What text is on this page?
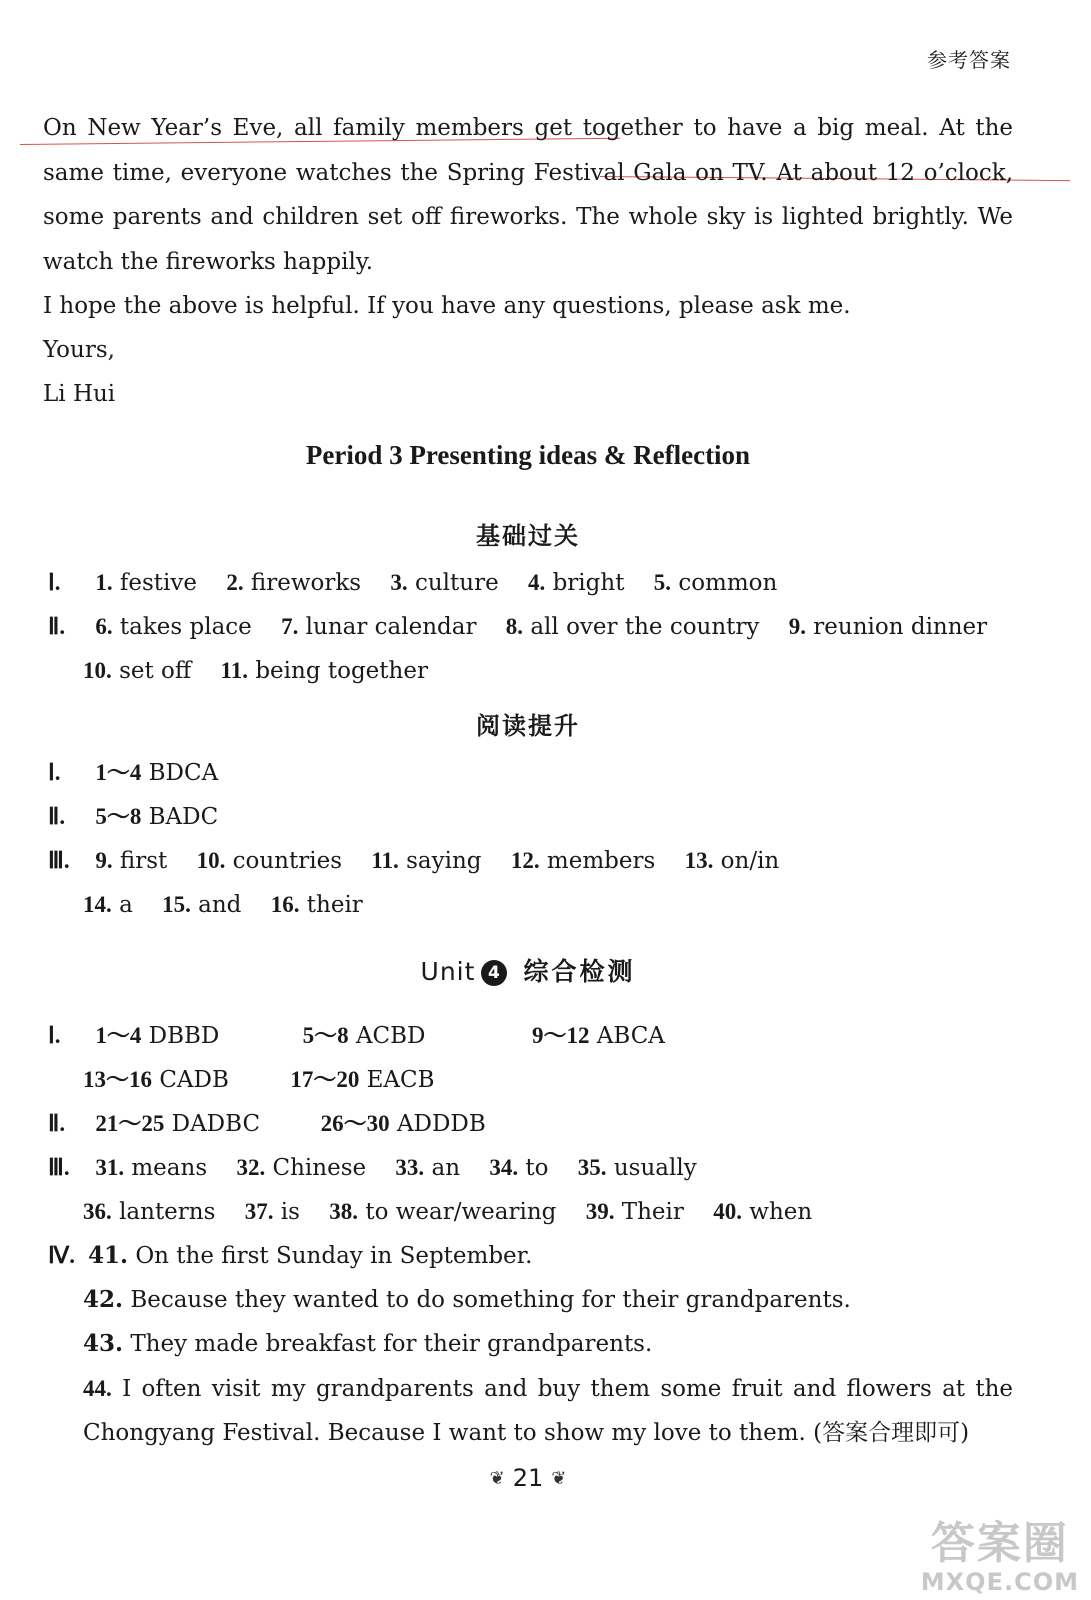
参考答案
On New Year’s Eve, all family members get together to have a big meal. At the same time, everyone watches the Spring Festival Gala on TV. At about 12 o’clock, some parents and children set off fireworks. The whole sky is lighted brightly. We watch the fireworks happily.
I hope the above is helpful. If you have any questions, please ask me.
Yours,
Li Hui
Period 3 Presenting ideas & Reflection
基础过关
Ⅰ. 1. festive 2. fireworks 3. culture 4. bright 5. common
Ⅱ. 6. takes place 7. lunar calendar 8. all over the country 9. reunion dinner
10. set off 11. being together
阅读提升
Ⅰ. 1～4 BDCA
Ⅱ. 5～8 BADC
Ⅲ. 9. first 10. countries 11. saying 12. members 13. on/in
14. a 15. and 16. their
Unit 4 综合检测
Ⅰ. 1～4 DBBD	5～8 ACBD	9～12 ABCA
13～16 CADB	17～20 EACB
Ⅱ. 21～25 DADBC	26～30 ADDDB
Ⅲ. 31. means 32. Chinese 33. an 34. to 35. usually
36. lanterns 37. is 38. to wear/wearing 39. Their 40. when
Ⅳ. 41. On the first Sunday in September.
42. Because they wanted to do something for their grandparents.
43. They made breakfast for their grandparents.
44. I often visit my grandparents and buy them some fruit and flowers at the Chongyang Festival. Because I want to show my love to them. (答案合理即可)
❦ 21 ❦
答案圈
MXQE.COM
